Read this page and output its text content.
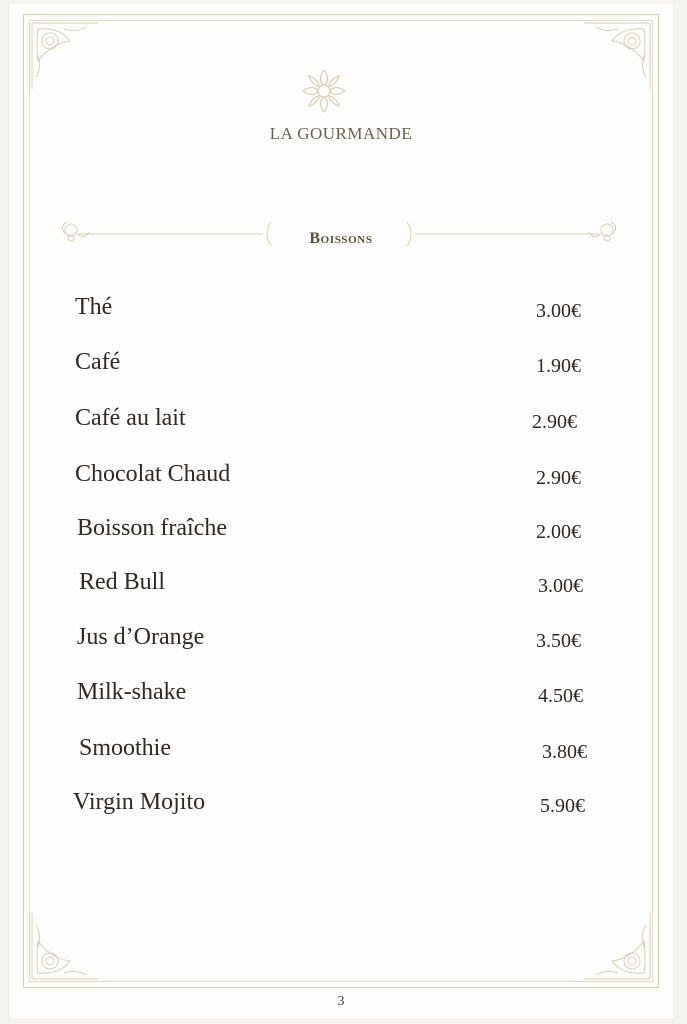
LA GOURMANDE
Boissons
Thé	3.00€
Café	1.90€
Café au lait	2.90€
Chocolat Chaud	2.90€
Boisson fraîche	2.00€
Red Bull	3.00€
Jus d’Orange	3.50€
Milk-shake	4.50€
Smoothie	3.80€
Virgin Mojito	5.90€
3
